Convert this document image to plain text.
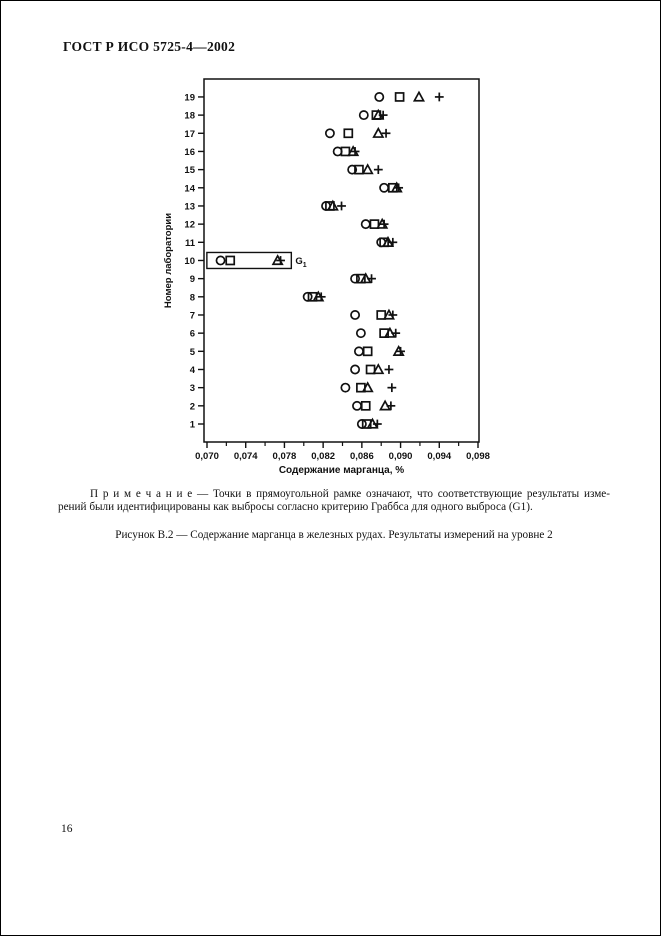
ГОСТ Р ИСО 5725-4—2002
0,070 0,074 0,078 0,082 0,086 0,090 0,094 0,098
1
2
3
4
5
6
7
8
9
10
11
12
13
14
15
16
17
18
19
Содержание марганца, %
Номер лаборатории	$G_1$
П р и м е ч а н и е — Точки в прямоугольной рамке означают, что соответствующие результаты изме-
рений были идентифицированы как выбросы согласно критерию Граббса для одного выброса (G1).
Рисунок В.2 — Содержание марганца в железных рудах. Результаты измерений на уровне 2
16
